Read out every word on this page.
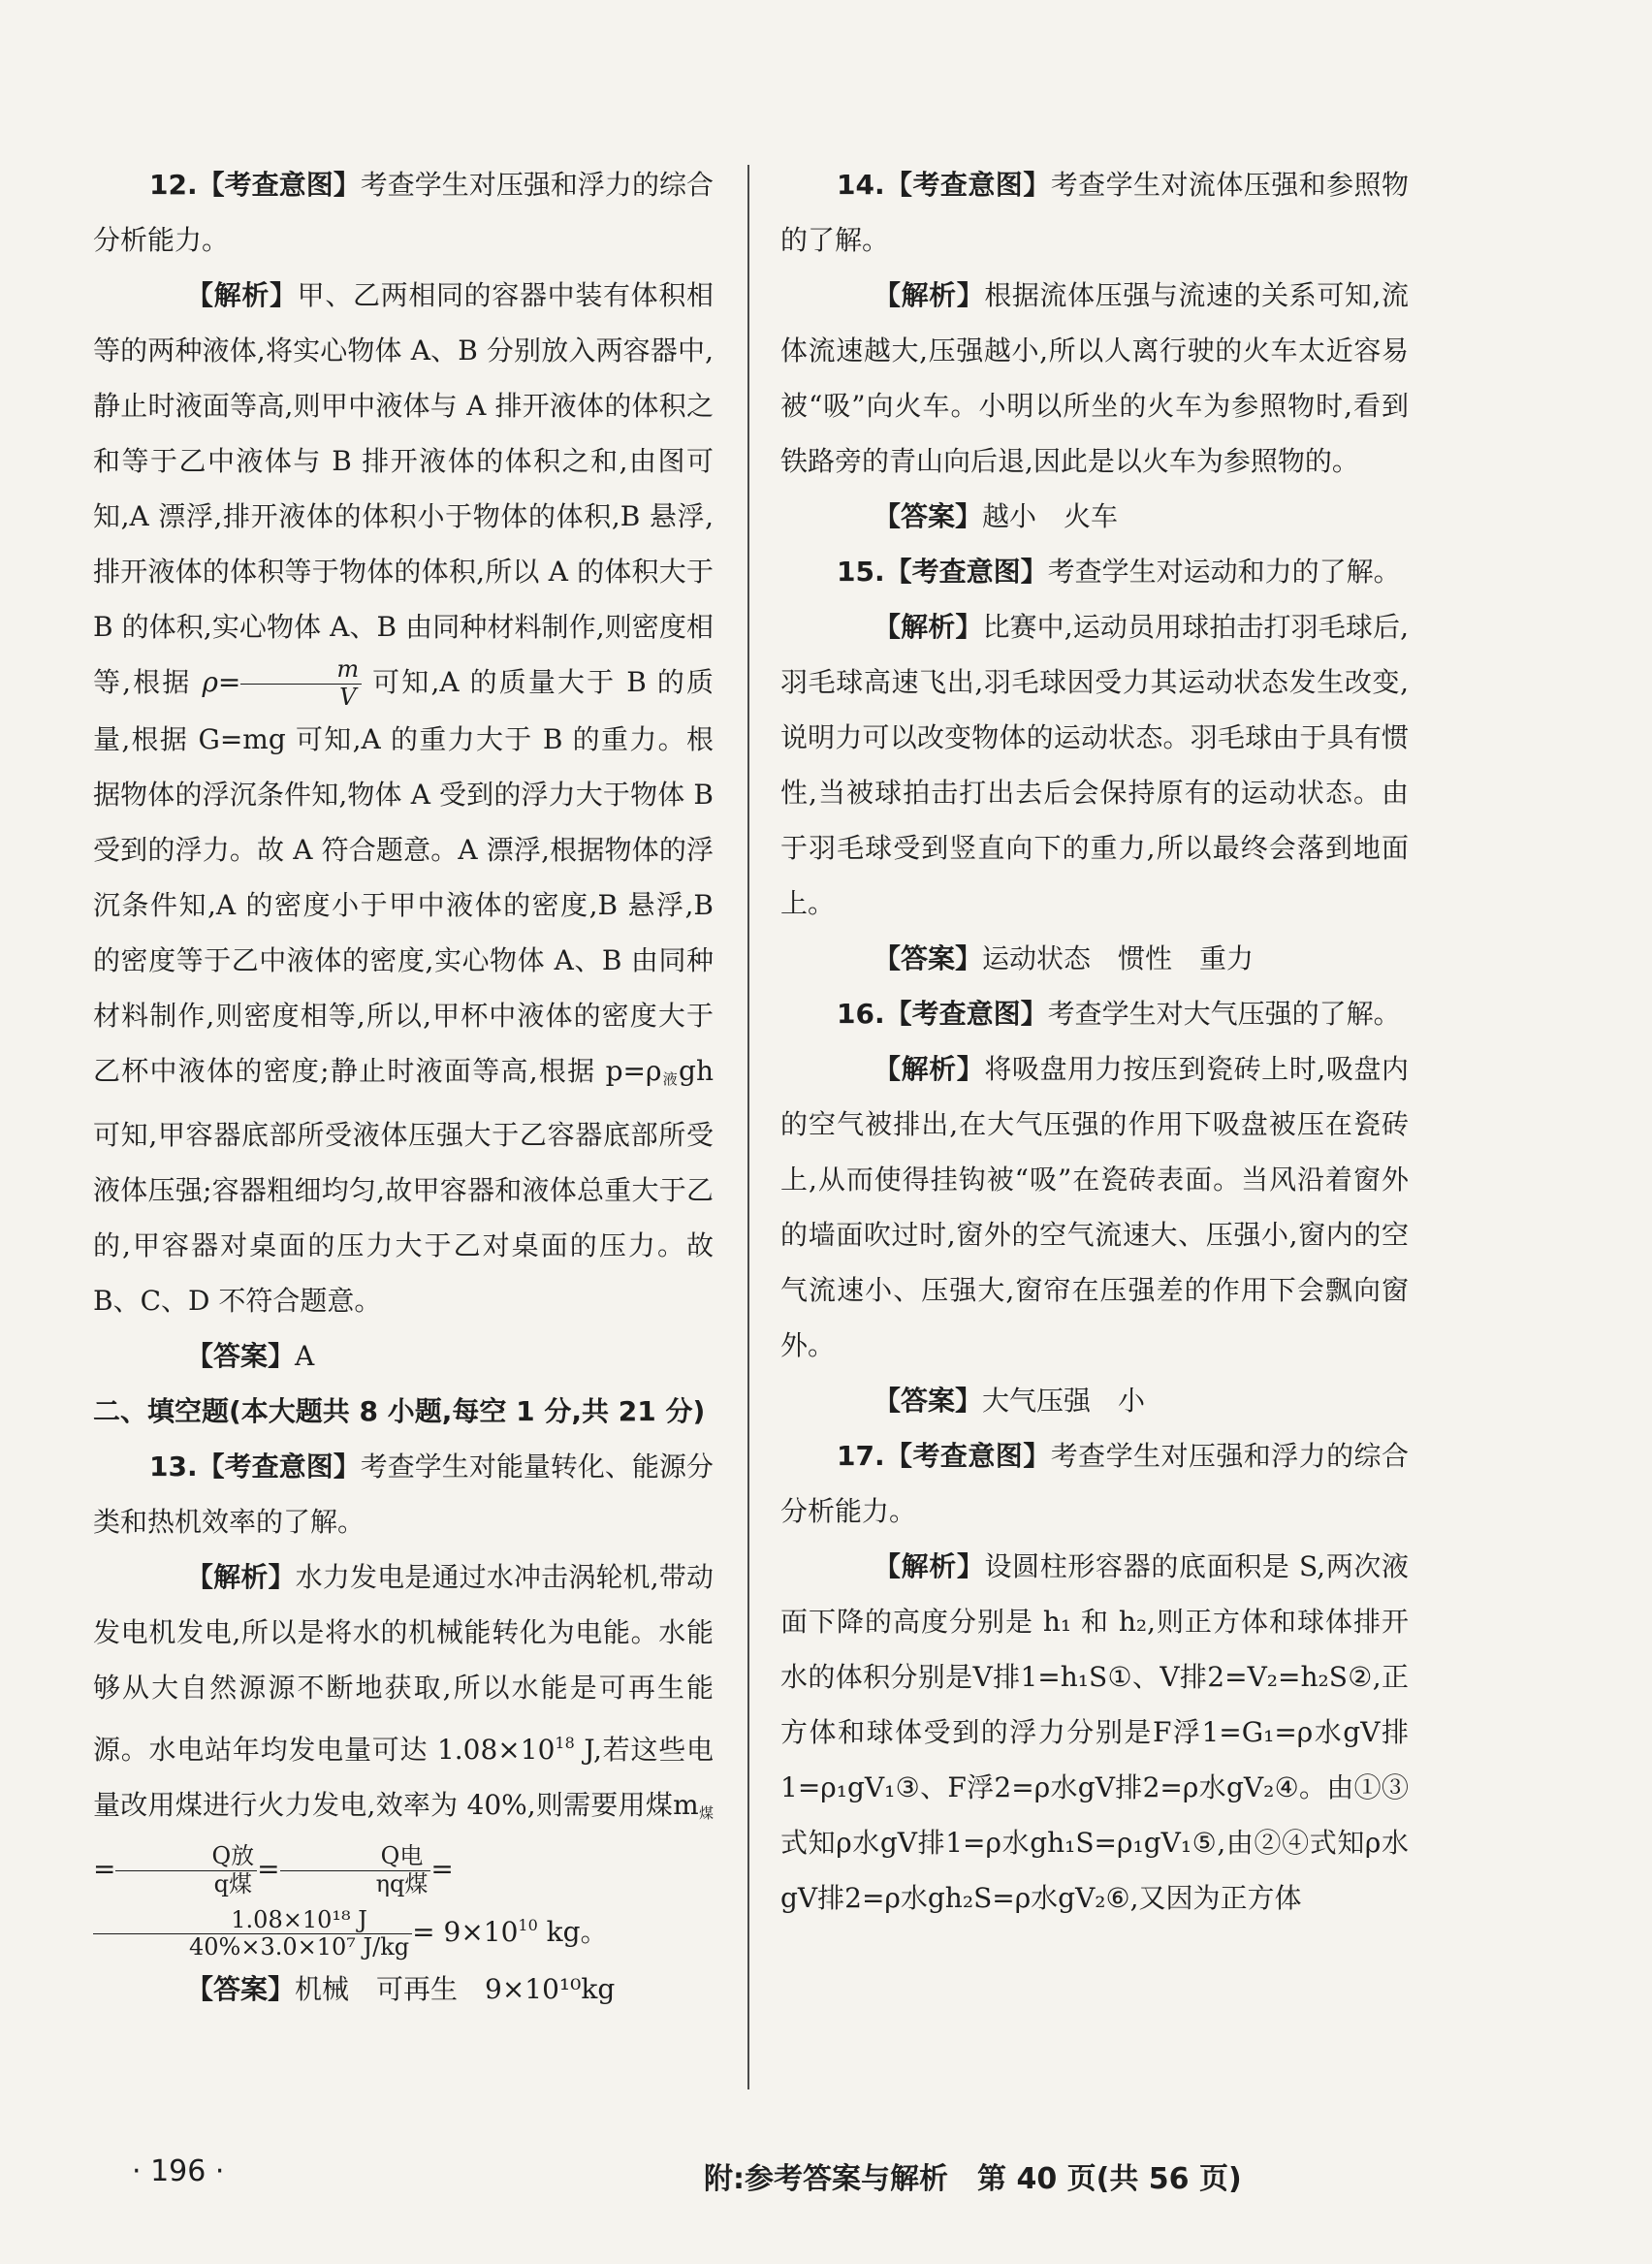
12.【考查意图】考查学生对压强和浮力的综合分析能力。

【解析】甲、乙两相同的容器中装有体积相等的两种液体,将实心物体 A、B 分别放入两容器中,静止时液面等高,则甲中液体与 A 排开液体的体积之和等于乙中液体与 B 排开液体的体积之和,由图可知,A 漂浮,排开液体的体积小于物体的体积,B 悬浮,排开液体的体积等于物体的体积,所以 A 的体积大于 B 的体积,实心物体 A、B 由同种材料制作,则密度相等,根据 $\rho= \frac{m}{V}$ 可知,A 的质量大于 B 的质量,根据 G=mg 可知,A 的重力大于 B 的重力。根据物体的浮沉条件知,物体 A 受到的浮力大于物体 B 受到的浮力。故 A 符合题意。A 漂浮,根据物体的浮沉条件知,A 的密度小于甲中液体的密度,B 悬浮,B 的密度等于乙中液体的密度,实心物体 A、B 由同种材料制作,则密度相等,所以,甲杯中液体的密度大于乙杯中液体的密度;静止时液面等高,根据 $p=\rho_液gh$ 可知,甲容器底部所受液体压强大于乙容器底部所受液体压强;容器粗细均匀,故甲容器和液体总重大于乙的,甲容器对桌面的压力大于乙对桌面的压力。故 B、C、D 不符合题意。

【答案】A

二、填空题(本大题共 8 小题,每空 1 分,共 21 分)

13.【考查意图】考查学生对能量转化、能源分类和热机效率的了解。

【解析】水力发电是通过水冲击涡轮机,带动发电机发电,所以是将水的机械能转化为电能。水能够从大自然源源不断地获取,所以水能是可再生能源。水电站年均发电量可达 $1.08\times 10^{18}$ J,若这些电量改用煤进行火力发电,效率为 40%,则需要用煤$m_煤= \frac{\text{Q放}}{\text{q煤}} = \frac{\text{Q电}}{\text{ηq煤}}$ =
$\frac{\text{1.08×10¹⁸ J}}{\text{40\%×3.0×10⁷ J/kg}} = 9\times 10^{10}$ kg。

【答案】机械　可再生　9×10¹⁰kg

14.【考查意图】考查学生对流体压强和参照物的了解。

【解析】根据流体压强与流速的关系可知,流体流速越大,压强越小,所以人离行驶的火车太近容易被“吸”向火车。小明以所坐的火车为参照物时,看到铁路旁的青山向后退,因此是以火车为参照物的。

【答案】越小　火车

15.【考查意图】考查学生对运动和力的了解。

【解析】比赛中,运动员用球拍击打羽毛球后,羽毛球高速飞出,羽毛球因受力其运动状态发生改变,说明力可以改变物体的运动状态。羽毛球由于具有惯性,当被球拍击打出去后会保持原有的运动状态。由于羽毛球受到竖直向下的重力,所以最终会落到地面上。

【答案】运动状态　惯性　重力

16.【考查意图】考查学生对大气压强的了解。

【解析】将吸盘用力按压到瓷砖上时,吸盘内的空气被排出,在大气压强的作用下吸盘被压在瓷砖上,从而使得挂钩被“吸”在瓷砖表面。当风沿着窗外的墙面吹过时,窗外的空气流速大、压强小,窗内的空气流速小、压强大,窗帘在压强差的作用下会飘向窗外。

【答案】大气压强　小

17.【考查意图】考查学生对压强和浮力的综合分析能力。

【解析】设圆柱形容器的底面积是 S,两次液面下降的高度分别是 h₁ 和 h₂,则正方体和球体排开水的体积分别是V排1=h₁S①、V排2=V₂=h₂S②,正方体和球体受到的浮力分别是F浮1=G₁=ρ水gV排1=ρ₁gV₁③、F浮2=ρ水gV排2=ρ水gV₂④。由①③式知ρ水gV排1=ρ水gh₁S=ρ₁gV₁⑤,由②④式知ρ水gV排2=ρ水gh₂S=ρ水gV₂⑥,又因为正方体

· 196 ·	附:参考答案与解析　第 40 页(共 56 页)
